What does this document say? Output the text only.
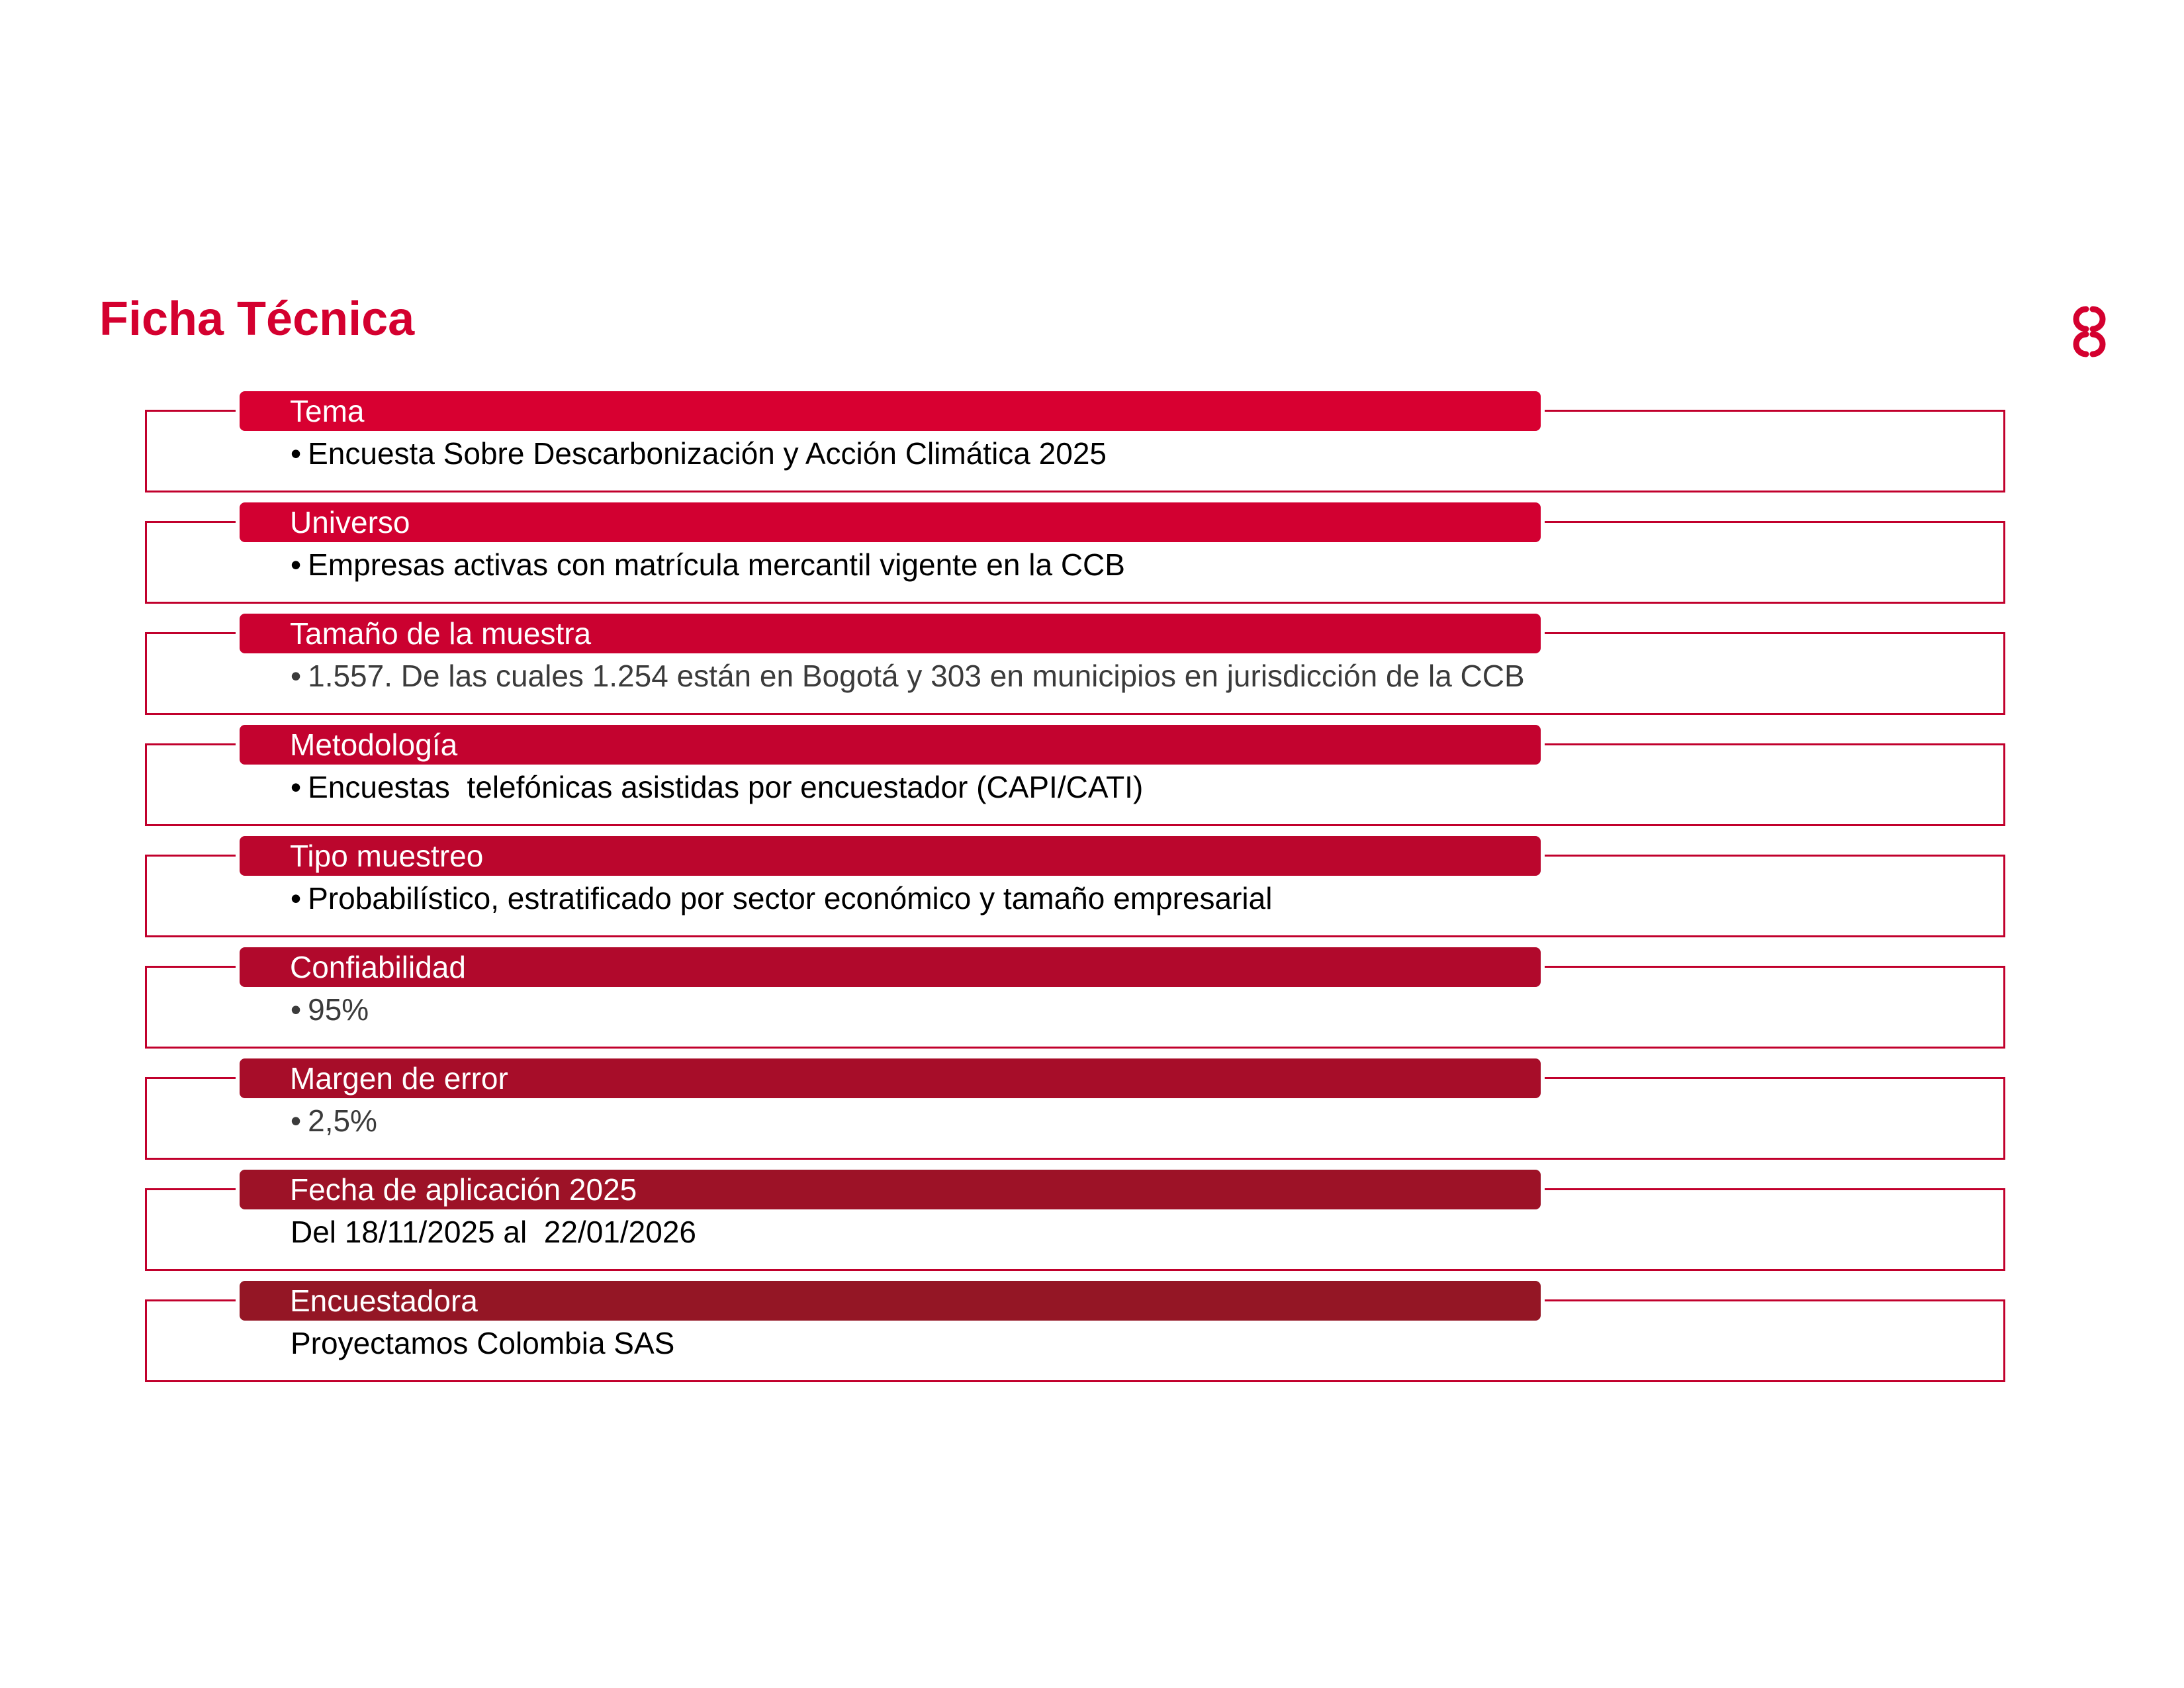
Ficha Técnica
Tema
• Encuesta Sobre Descarbonización y Acción Climática 2025
Universo
• Empresas activas con matrícula mercantil vigente en la CCB
Tamaño de la muestra
• 1.557. De las cuales 1.254 están en Bogotá y 303 en municipios en jurisdicción de la CCB
Metodología
• Encuestas  telefónicas asistidas por encuestador (CAPI/CATI)
Tipo muestreo
• Probabilístico, estratificado por sector económico y tamaño empresarial
Confiabilidad
• 95%
Margen de error
• 2,5%
Fecha de aplicación 2025
Del 18/11/2025 al  22/01/2026
Encuestadora
Proyectamos Colombia SAS
